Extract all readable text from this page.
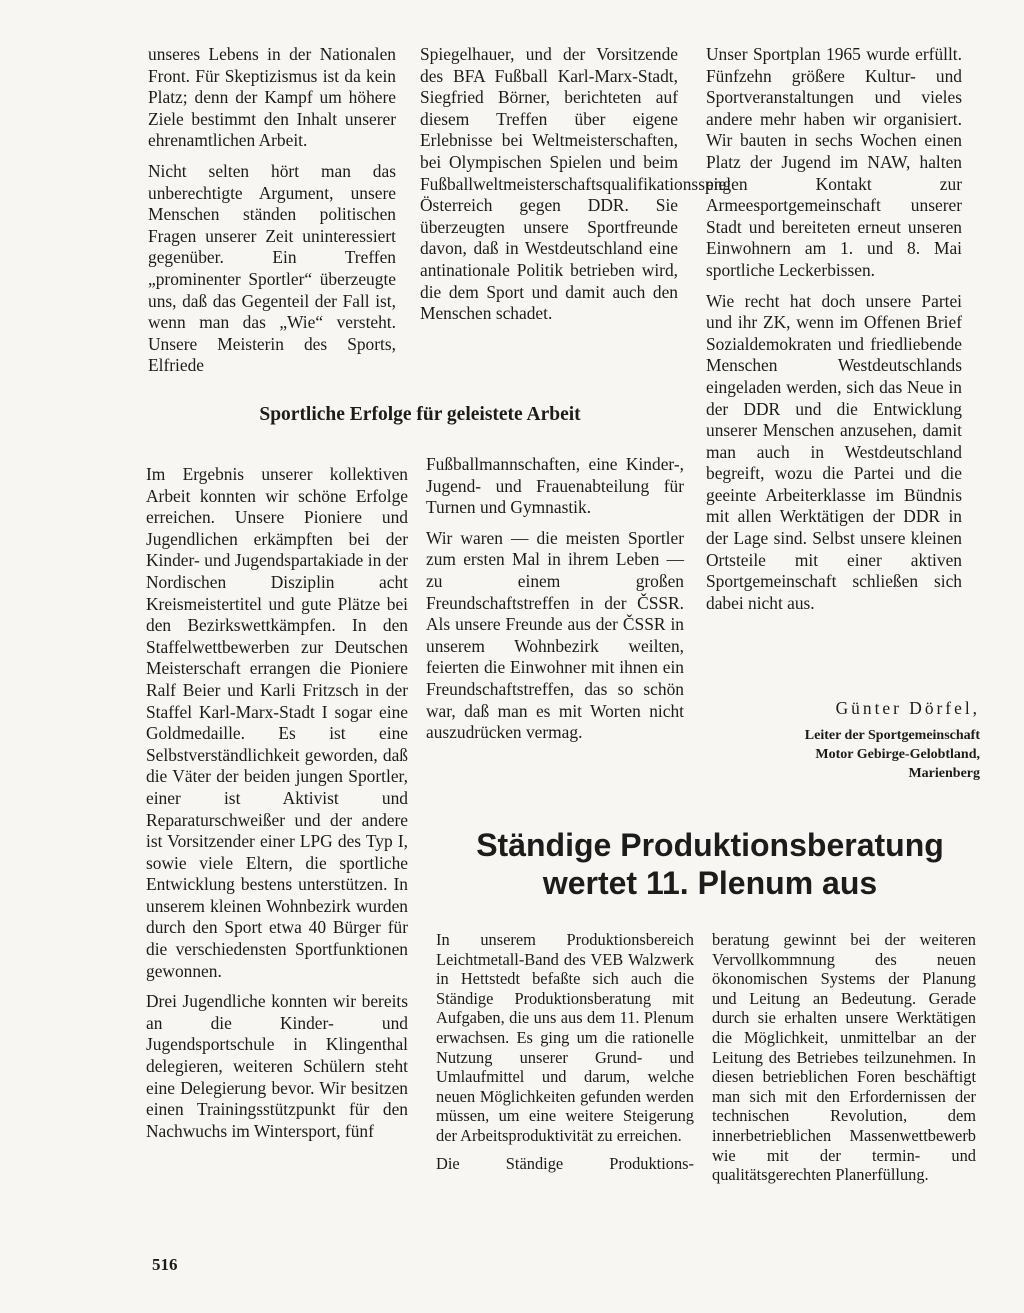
unseres Lebens in der Nationalen Front. Für Skeptizismus ist da kein Platz; denn der Kampf um höhere Ziele bestimmt den Inhalt unserer ehrenamtlichen Arbeit.

Nicht selten hört man das unberechtigte Argument, unsere Menschen ständen politischen Fragen unserer Zeit uninteressiert gegenüber. Ein Treffen „prominenter Sportler“ überzeugte uns, daß das Gegenteil der Fall ist, wenn man das „Wie“ versteht. Unsere Meisterin des Sports, Elfriede

Spiegelhauer, und der Vorsitzende des BFA Fußball Karl-Marx-Stadt, Siegfried Börner, berichteten auf diesem Treffen über eigene Erlebnisse bei Weltmeisterschaften, bei Olympischen Spielen und beim Fußballweltmeisterschaftsqualifikationsspiel Österreich gegen DDR. Sie überzeugten unsere Sportfreunde davon, daß in Westdeutschland eine antinationale Politik betrieben wird, die dem Sport und damit auch den Menschen schadet.

Unser Sportplan 1965 wurde erfüllt. Fünfzehn größere Kultur- und Sportveranstaltungen und vieles andere mehr haben wir organisiert. Wir bauten in sechs Wochen einen Platz der Jugend im NAW, halten engen Kontakt zur Armeesportgemeinschaft unserer Stadt und bereiteten erneut unseren Einwohnern am 1. und 8. Mai sportliche Leckerbissen.

Wie recht hat doch unsere Partei und ihr ZK, wenn im Offenen Brief Sozialdemokraten und friedliebende Menschen Westdeutschlands eingeladen werden, sich das Neue in der DDR und die Entwicklung unserer Menschen anzusehen, damit man auch in Westdeutschland begreift, wozu die Partei und die geeinte Arbeiterklasse im Bündnis mit allen Werktätigen der DDR in der Lage sind. Selbst unsere kleinen Ortsteile mit einer aktiven Sportgemeinschaft schließen sich dabei nicht aus.

Günter Dörfel,
Leiter der Sportgemeinschaft
Motor Gebirge-Gelobtland,
Marienberg
Sportliche Erfolge für geleistete Arbeit

Im Ergebnis unserer kollektiven Arbeit konnten wir schöne Erfolge erreichen. Unsere Pioniere und Jugendlichen erkämpften bei der Kinder- und Jugendspartakiade in der Nordischen Disziplin acht Kreismeistertitel und gute Plätze bei den Bezirkswettkämpfen. In den Staffelwettbewerben zur Deutschen Meisterschaft errangen die Pioniere Ralf Beier und Karli Fritzsch in der Staffel Karl-Marx-Stadt I sogar eine Goldmedaille. Es ist eine Selbstverständlichkeit geworden, daß die Väter der beiden jungen Sportler, einer ist Aktivist und Reparaturschweißer und der andere ist Vorsitzender einer LPG des Typ I, sowie viele Eltern, die sportliche Entwicklung bestens unterstützen. In unserem kleinen Wohnbezirk wurden durch den Sport etwa 40 Bürger für die verschiedensten Sportfunktionen gewonnen.

Drei Jugendliche konnten wir bereits an die Kinder- und Jugendsportschule in Klingenthal delegieren, weiteren Schülern steht eine Delegierung bevor. Wir besitzen einen Trainingsstützpunkt für den Nachwuchs im Wintersport, fünf

Fußballmannschaften, eine Kinder-, Jugend- und Frauenabteilung für Turnen und Gymnastik.

Wir waren — die meisten Sportler zum ersten Mal in ihrem Leben — zu einem großen Freundschaftstreffen in der ČSSR. Als unsere Freunde aus der ČSSR in unserem Wohnbezirk weilten, feierten die Einwohner mit ihnen ein Freundschaftstreffen, das so schön war, daß man es mit Worten nicht auszudrücken vermag.

Ständige Produktionsberatung
wertet 11. Plenum aus

In unserem Produktionsbereich Leichtmetall-Band des VEB Walzwerk in Hettstedt befaßte sich auch die Ständige Produktionsberatung mit Aufgaben, die uns aus dem 11. Plenum erwachsen. Es ging um die rationelle Nutzung unserer Grund- und Umlaufmittel und darum, welche neuen Möglichkeiten gefunden werden müssen, um eine weitere Steigerung der Arbeitsproduktivität zu erreichen.

Die Ständige Produktions-

beratung gewinnt bei der weiteren Vervollkommnung des neuen ökonomischen Systems der Planung und Leitung an Bedeutung. Gerade durch sie erhalten unsere Werktätigen die Möglichkeit, unmittelbar an der Leitung des Betriebes teilzunehmen. In diesen betrieblichen Foren beschäftigt man sich mit den Erfordernissen der technischen Revolution, dem innerbetrieblichen Massenwettbewerb wie mit der termin- und qualitätsgerechten Planerfüllung.

516
